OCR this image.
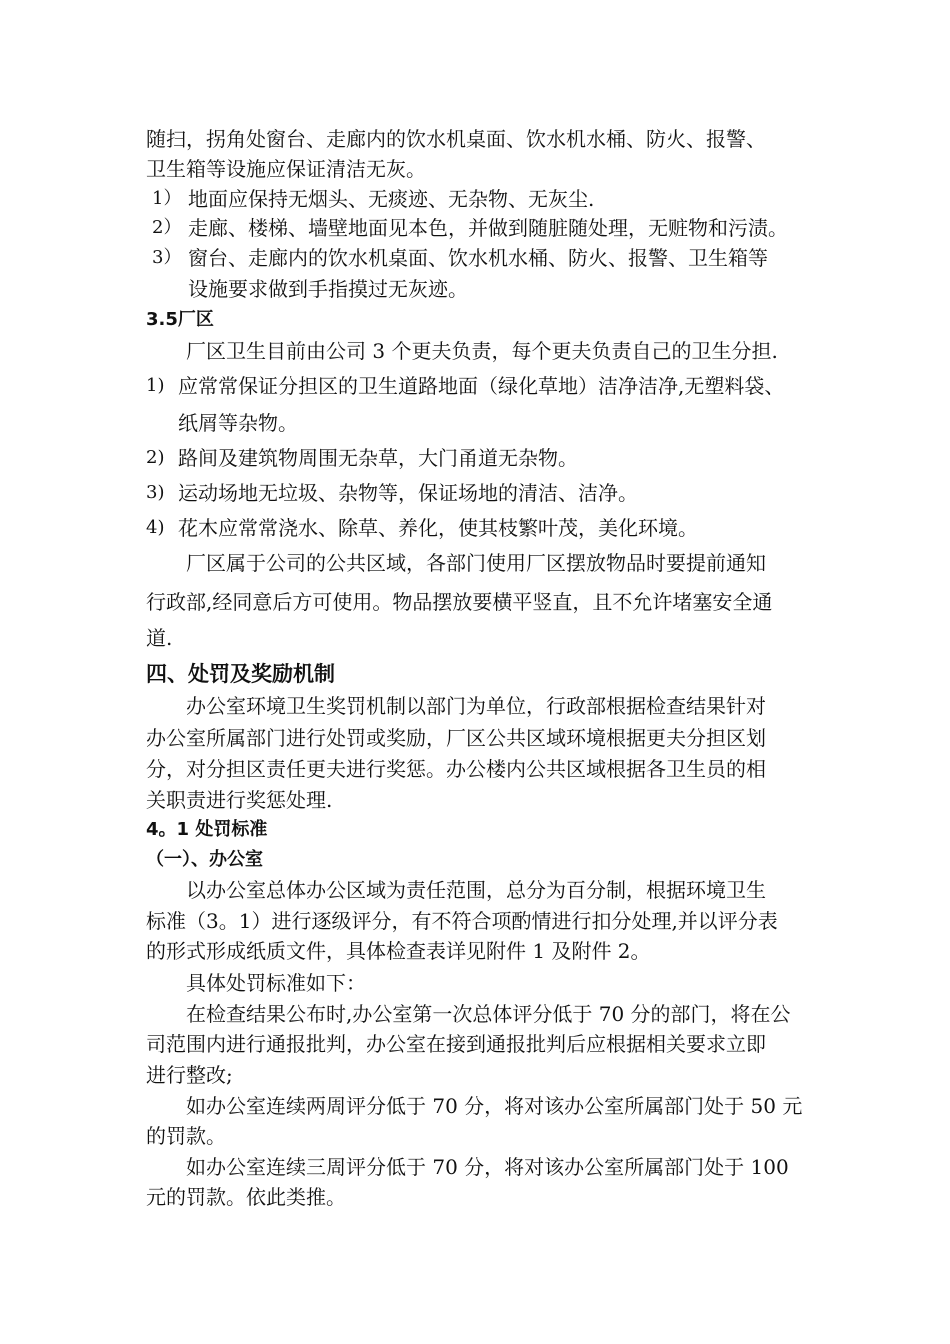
随扫，拐角处窗台、走廊内的饮水机桌面、饮水机水桶、防火、报警、
卫生箱等设施应保证清洁无灰。
1） 地面应保持无烟头、无痰迹、无杂物、无灰尘.
2） 走廊、楼梯、墙壁地面见本色，并做到随脏随处理，无赃物和污渍。
3） 窗台、走廊内的饮水机桌面、饮水机水桶、防火、报警、卫生箱等
设施要求做到手指摸过无灰迹。
3.5厂区
厂区卫生目前由公司 3 个更夫负责，每个更夫负责自己的卫生分担.
1) 应常常保证分担区的卫生道路地面（绿化草地）洁净洁净,无塑料袋、
纸屑等杂物。
2) 路间及建筑物周围无杂草，大门甬道无杂物。
3) 运动场地无垃圾、杂物等，保证场地的清洁、洁净。
4) 花木应常常浇水、除草、养化，使其枝繁叶茂，美化环境。
厂区属于公司的公共区域，各部门使用厂区摆放物品时要提前通知
行政部,经同意后方可使用。物品摆放要横平竖直，且不允许堵塞安全通
道.
四、处罚及奖励机制
办公室环境卫生奖罚机制以部门为单位，行政部根据检查结果针对
办公室所属部门进行处罚或奖励，厂区公共区域环境根据更夫分担区划
分，对分担区责任更夫进行奖惩。办公楼内公共区域根据各卫生员的相
关职责进行奖惩处理.
4。1 处罚标准
（一）、办公室
以办公室总体办公区域为责任范围，总分为百分制，根据环境卫生
标准（3。1）进行逐级评分，有不符合项酌情进行扣分处理,并以评分表
的形式形成纸质文件，具体检查表详见附件 1 及附件 2。
具体处罚标准如下：
在检查结果公布时,办公室第一次总体评分低于 70 分的部门，将在公
司范围内进行通报批判，办公室在接到通报批判后应根据相关要求立即
进行整改;
如办公室连续两周评分低于 70 分，将对该办公室所属部门处于 50 元
的罚款。
如办公室连续三周评分低于 70 分，将对该办公室所属部门处于 100
元的罚款。依此类推。
